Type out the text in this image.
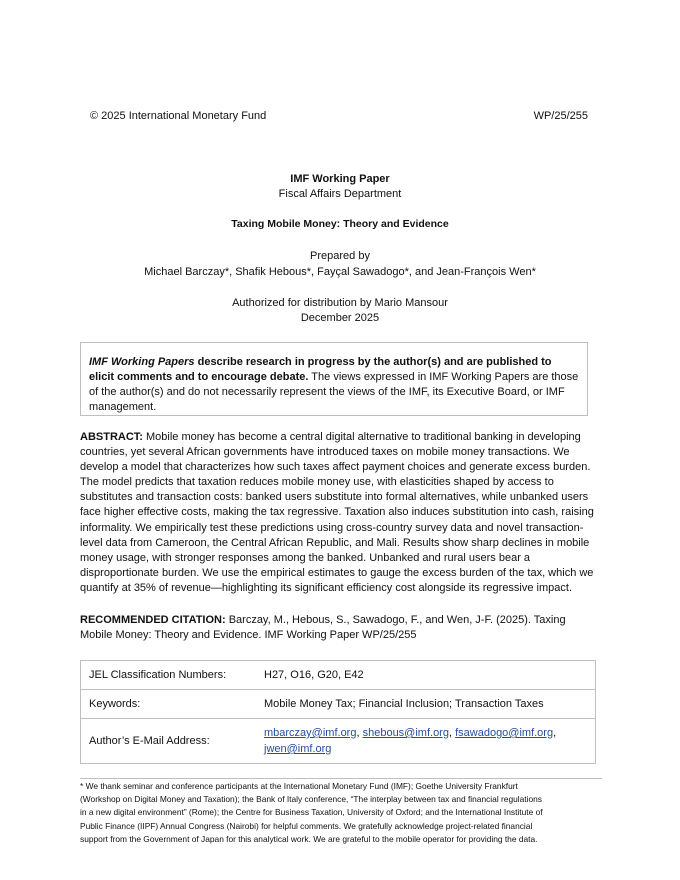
© 2025 International Monetary Fund	WP/25/255
IMF Working Paper
Fiscal Affairs Department
Taxing Mobile Money: Theory and Evidence
Prepared by
Michael Barczay*, Shafik Hebous*, Fayçal Sawadogo*, and Jean-François Wen*
Authorized for distribution by Mario Mansour
December 2025

IMF Working Papers describe research in progress by the author(s) and are published to elicit comments and to encourage debate. The views expressed in IMF Working Papers are those of the author(s) and do not necessarily represent the views of the IMF, its Executive Board, or IMF management.

ABSTRACT: Mobile money has become a central digital alternative to traditional banking in developing countries, yet several African governments have introduced taxes on mobile money transactions. We develop a model that characterizes how such taxes affect payment choices and generate excess burden. The model predicts that taxation reduces mobile money use, with elasticities shaped by access to substitutes and transaction costs: banked users substitute into formal alternatives, while unbanked users face higher effective costs, making the tax regressive. Taxation also induces substitution into cash, raising informality. We empirically test these predictions using cross-country survey data and novel transaction-level data from Cameroon, the Central African Republic, and Mali. Results show sharp declines in mobile money usage, with stronger responses among the banked. Unbanked and rural users bear a disproportionate burden. We use the empirical estimates to gauge the excess burden of the tax, which we quantify at 35% of revenue—highlighting its significant efficiency cost alongside its regressive impact.

RECOMMENDED CITATION: Barczay, M., Hebous, S., Sawadogo, F., and Wen, J-F. (2025). Taxing Mobile Money: Theory and Evidence. IMF Working Paper WP/25/255

JEL Classification Numbers:	H27, O16, G20, E42
Keywords:	Mobile Money Tax; Financial Inclusion; Transaction Taxes
Author’s E-Mail Address:	mbarczay@imf.org, shebous@imf.org, fsawadogo@imf.org,
jwen@imf.org

* We thank seminar and conference participants at the International Monetary Fund (IMF); Goethe University Frankfurt (Workshop on Digital Money and Taxation); the Bank of Italy conference, “The interplay between tax and financial regulations in a new digital environment” (Rome); the Centre for Business Taxation, University of Oxford; and the International Institute of Public Finance (IIPF) Annual Congress (Nairobi) for helpful comments. We gratefully acknowledge project-related financial support from the Government of Japan for this analytical work. We are grateful to the mobile operator for providing the data.
